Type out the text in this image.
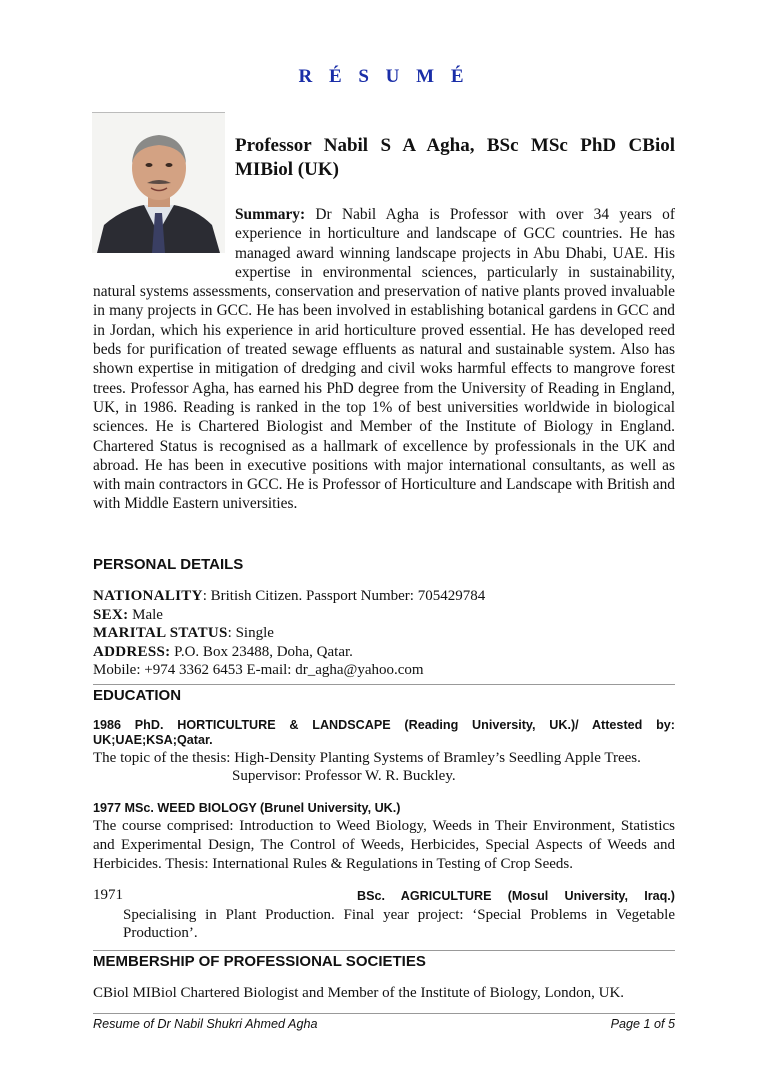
R É S U M É
Professor Nabil S A Agha, BSc MSc PhD CBiol MIBiol (UK)
Summary: Dr Nabil Agha is Professor with over 34 years of experience in horticulture and landscape of GCC countries. He has managed award winning landscape projects in Abu Dhabi, UAE. His expertise in environmental sciences, particularly in sustainability, natural systems assessments, conservation and preservation of native plants proved invaluable in many projects in GCC. He has been involved in establishing botanical gardens in GCC and in Jordan, which his experience in arid horticulture proved essential. He has developed reed beds for purification of treated sewage effluents as natural and sustainable system. Also has shown expertise in mitigation of dredging and civil woks harmful effects to mangrove forest trees. Professor Agha, has earned his PhD degree from the University of Reading in England, UK, in 1986. Reading is ranked in the top 1% of best universities worldwide in biological sciences. He is Chartered Biologist and Member of the Institute of Biology in England. Chartered Status is recognised as a hallmark of excellence by professionals in the UK and abroad. He has been in executive positions with major international consultants, as well as with main contractors in GCC. He is Professor of Horticulture and Landscape with British and with Middle Eastern universities.
PERSONAL DETAILS
NATIONALITY: British Citizen. Passport Number: 705429784
SEX: Male
MARITAL STATUS: Single
ADDRESS: P.O. Box 23488, Doha, Qatar.
Mobile: +974 3362 6453 E-mail: dr_agha@yahoo.com
EDUCATION
1986 PhD. HORTICULTURE & LANDSCAPE (Reading University, UK.)/ Attested by: UK;UAE;KSA;Qatar.
The topic of the thesis: High-Density Planting Systems of Bramley’s Seedling Apple Trees.
Supervisor: Professor W. R. Buckley.
1977 MSc. WEED BIOLOGY (Brunel University, UK.)
The course comprised: Introduction to Weed Biology, Weeds in Their Environment, Statistics and Experimental Design, The Control of Weeds, Herbicides, Special Aspects of Weeds and Herbicides. Thesis: International Rules & Regulations in Testing of Crop Seeds.
1971	BSc. AGRICULTURE (Mosul University, Iraq.)
Specialising in Plant Production. Final year project: ‘Special Problems in Vegetable Production’.
MEMBERSHIP OF PROFESSIONAL SOCIETIES
CBiol MIBiol Chartered Biologist and Member of the Institute of Biology, London, UK.
Resume of Dr Nabil Shukri Ahmed Agha	Page 1 of 5
